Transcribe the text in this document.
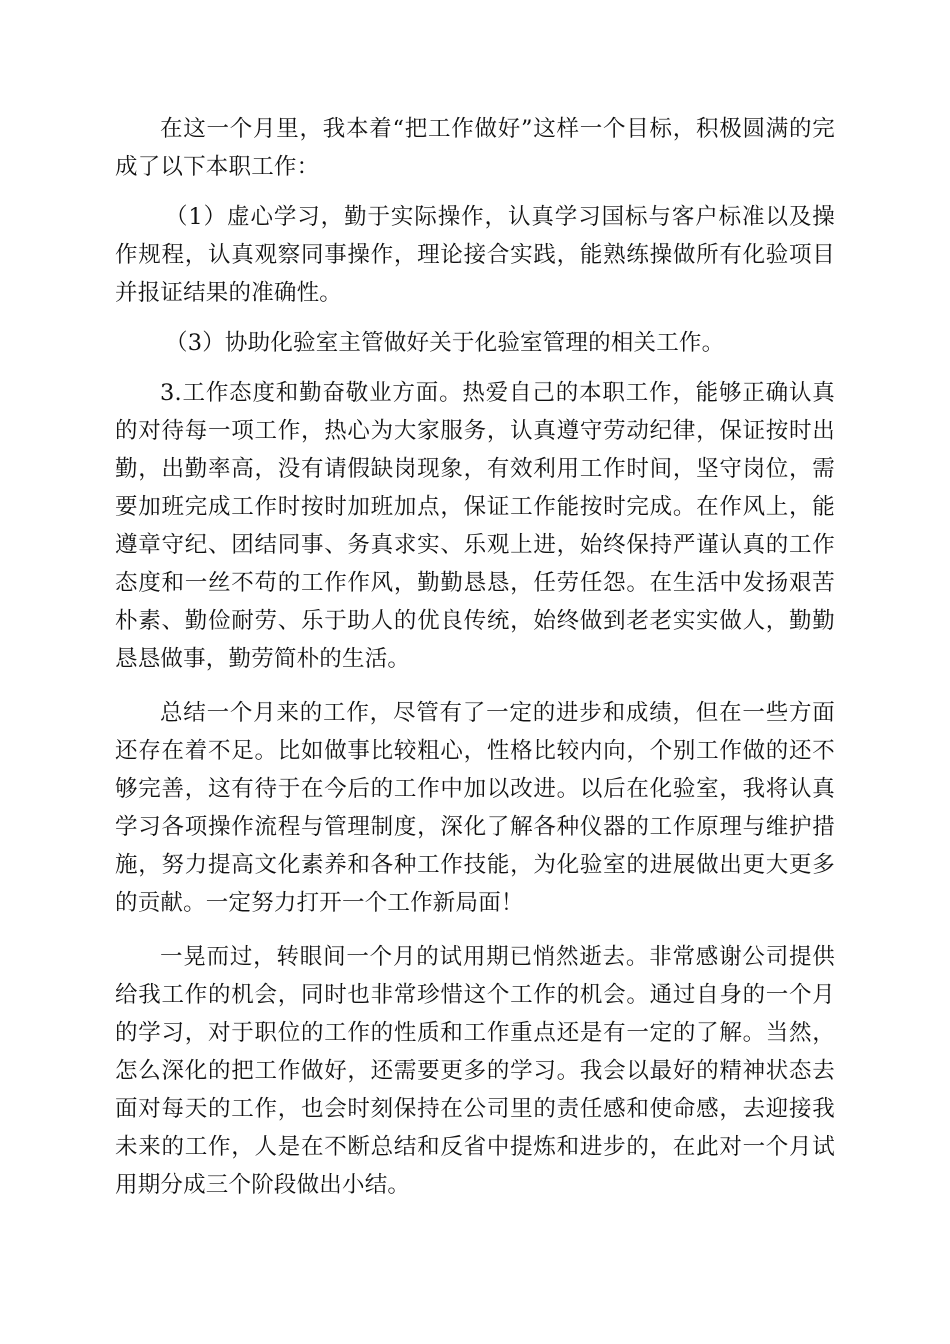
在这一个月里，我本着“把工作做好”这样一个目标，积极圆满的完成了以下本职工作：

（1）虚心学习，勤于实际操作，认真学习国标与客户标准以及操作规程，认真观察同事操作，理论接合实践，能熟练操做所有化验项目并报证结果的准确性。

（3）协助化验室主管做好关于化验室管理的相关工作。

3.工作态度和勤奋敬业方面。热爱自己的本职工作，能够正确认真的对待每一项工作，热心为大家服务，认真遵守劳动纪律，保证按时出勤，出勤率高，没有请假缺岗现象，有效利用工作时间，坚守岗位，需要加班完成工作时按时加班加点，保证工作能按时完成。在作风上，能遵章守纪、团结同事、务真求实、乐观上进，始终保持严谨认真的工作态度和一丝不苟的工作作风，勤勤恳恳，任劳任怨。在生活中发扬艰苦朴素、勤俭耐劳、乐于助人的优良传统，始终做到老老实实做人，勤勤恳恳做事，勤劳简朴的生活。

总结一个月来的工作，尽管有了一定的进步和成绩，但在一些方面还存在着不足。比如做事比较粗心，性格比较内向，个别工作做的还不够完善，这有待于在今后的工作中加以改进。以后在化验室，我将认真学习各项操作流程与管理制度，深化了解各种仪器的工作原理与维护措施，努力提高文化素养和各种工作技能，为化验室的进展做出更大更多的贡献。一定努力打开一个工作新局面！

一晃而过，转眼间一个月的试用期已悄然逝去。非常感谢公司提供给我工作的机会，同时也非常珍惜这个工作的机会。通过自身的一个月的学习，对于职位的工作的性质和工作重点还是有一定的了解。当然，怎么深化的把工作做好，还需要更多的学习。我会以最好的精神状态去面对每天的工作，也会时刻保持在公司里的责任感和使命感，去迎接我未来的工作，人是在不断总结和反省中提炼和进步的，在此对一个月试用期分成三个阶段做出小结。
